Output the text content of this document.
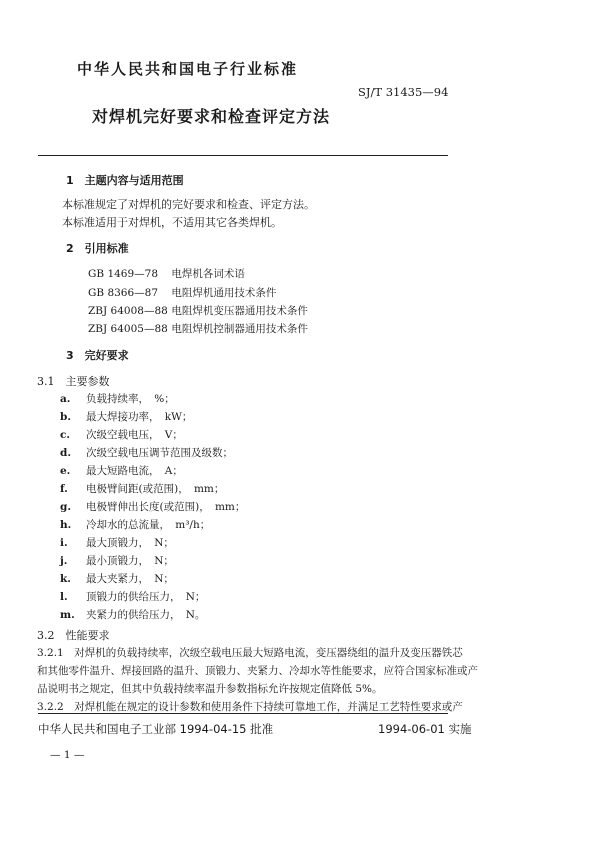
中华人民共和国电子行业标准
SJ/T 31435—94
对焊机完好要求和检查评定方法
1　主题内容与适用范围
本标准规定了对焊机的完好要求和检查、评定方法。
本标准适用于对焊机，不适用其它各类焊机。
2　引用标准
GB 1469—78 电焊机各词术语
GB 8366—87 电阻焊机通用技术条件
ZBJ 64008—88 电阻焊机变压器通用技术条件
ZBJ 64005—88 电阻焊机控制器通用技术条件
3　完好要求
3.1　主要参数
a. 负载持续率，　%；
b. 最大焊接功率，　kW；
c. 次级空载电压，　V；
d. 次级空载电压调节范围及级数；
e. 最大短路电流，　A；
f. 电极臂间距(或范围)，　mm；
g. 电极臂伸出长度(或范围)，　mm；
h. 冷却水的总流量，　m³/h；
i. 最大顶锻力，　N；
j. 最小顶锻力，　N；
k. 最大夹紧力，　N；
l. 顶锻力的供给压力，　N；
m. 夹紧力的供给压力，　N。
3.2　性能要求
3.2.1　对焊机的负载持续率，次级空载电压最大短路电流，变压器绕组的温升及变压器铁芯
和其他零件温升、焊接回路的温升、顶锻力、夹紧力、冷却水等性能要求，应符合国家标准或产
品说明书之规定，但其中负载持续率温升参数指标允许按规定值降低 5%。
3.2.2　对焊机能在规定的设计参数和使用条件下持续可靠地工作，并满足工艺特性要求或产
中华人民共和国电子工业部 1994-04-15 批准	1994-06-01 实施
— 1 —
